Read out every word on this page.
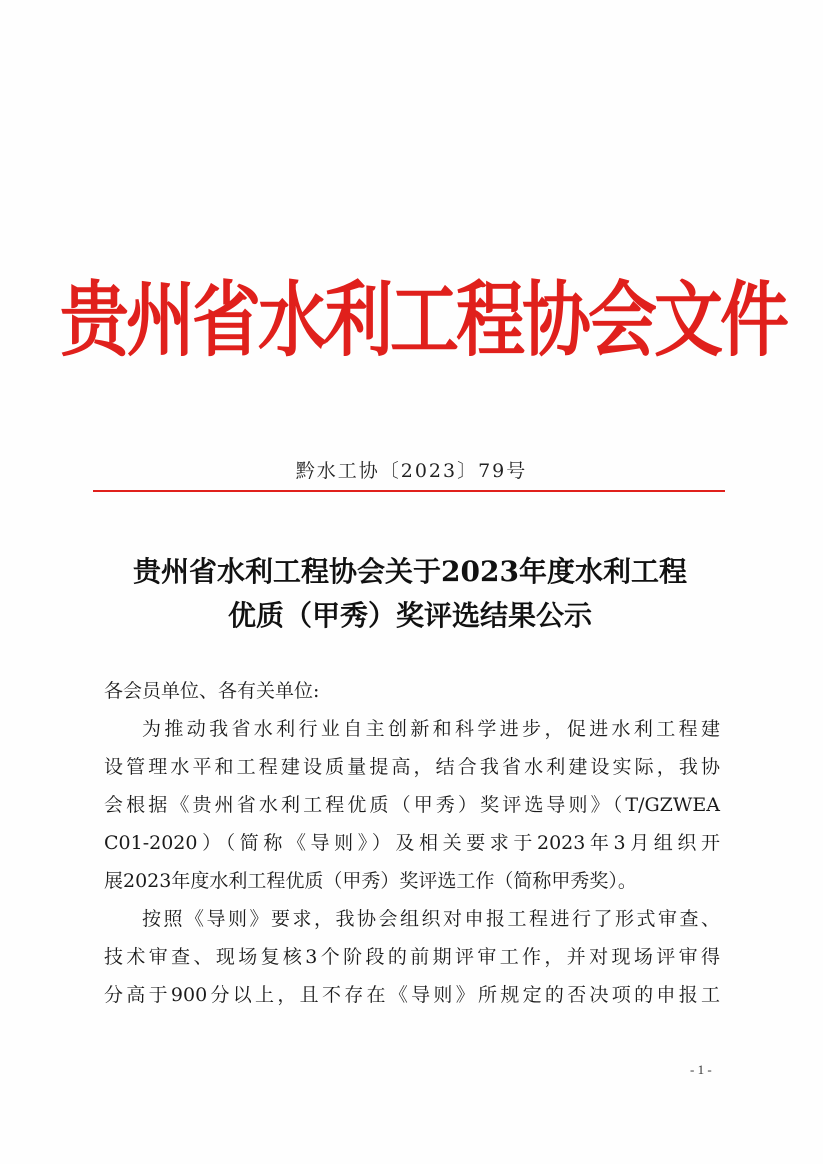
贵州省水利工程协会文件
黔水工协〔2023〕79号
贵州省水利工程协会关于2023年度水利工程
优质（甲秀）奖评选结果公示
各会员单位、各有关单位:

为推动我省水利行业自主创新和科学进步，促进水利工程建
设管理水平和工程建设质量提高，结合我省水利建设实际，我协
会根据《贵州省水利工程优质（甲秀）奖评选导则》（T/GZWEA
C01-2020）（简称《导则》）及相关要求于2023年3月组织开
展2023年度水利工程优质（甲秀）奖评选工作（简称甲秀奖）。

按照《导则》要求，我协会组织对申报工程进行了形式审查、
技术审查、现场复核3个阶段的前期评审工作，并对现场评审得
分高于900分以上，且不存在《导则》所规定的否决项的申报工

- 1 -
